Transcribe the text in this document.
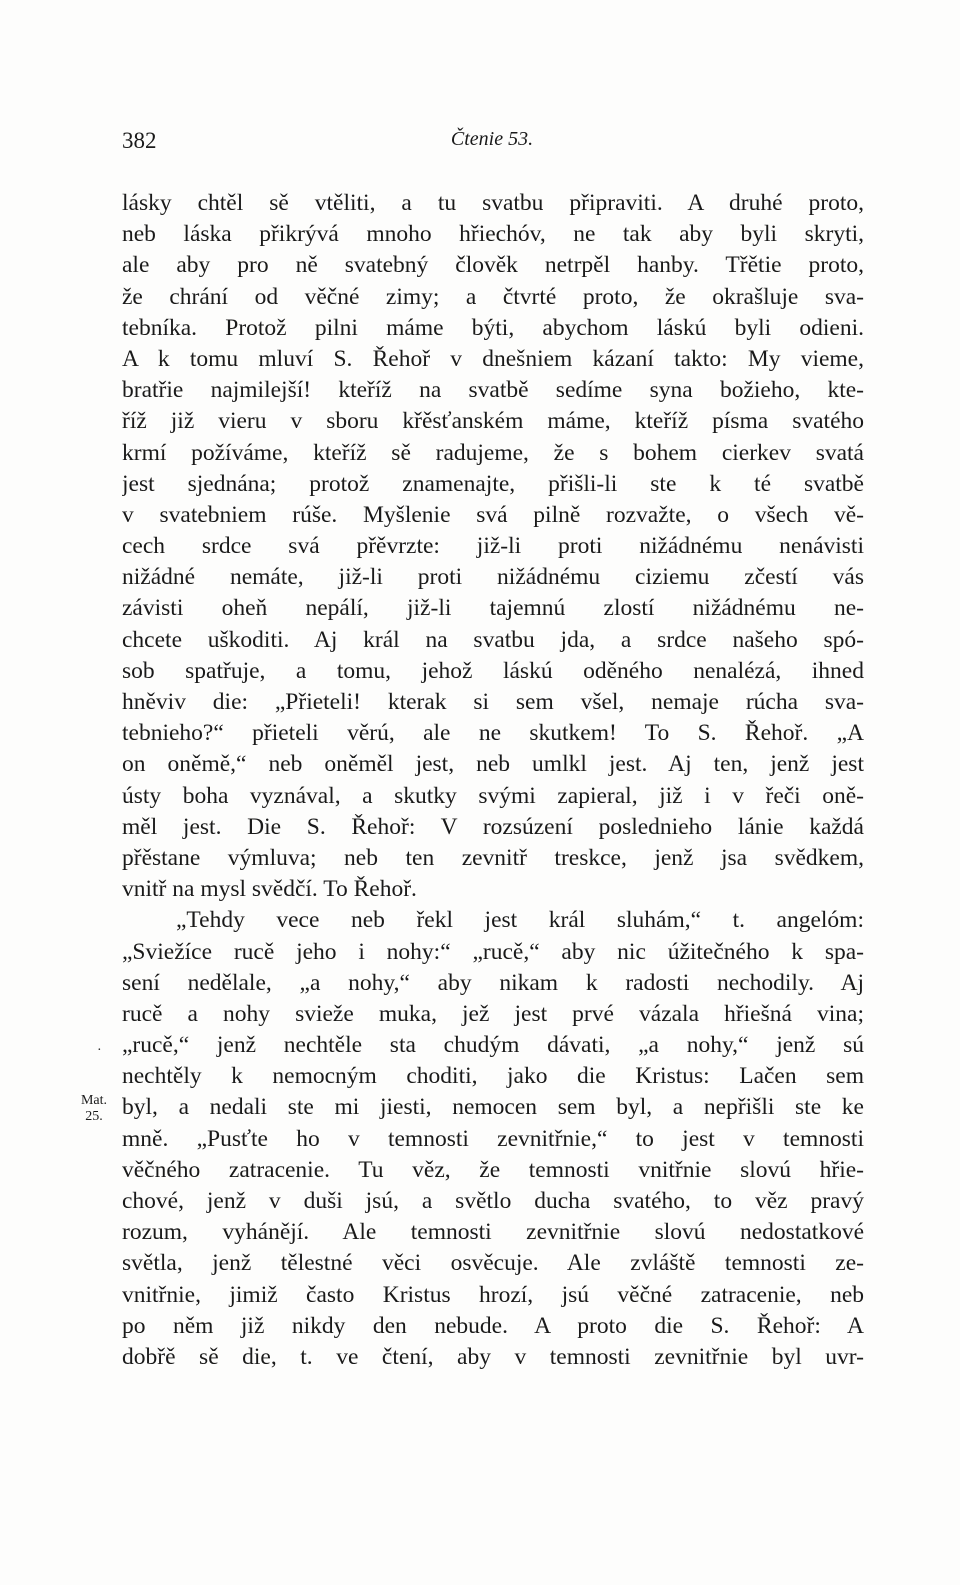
382	Čtenie 53.
·
Mat.
25.
lásky chtěl sě vtěliti, a tu svatbu připraviti. A druhé proto,
neb láska přikrývá mnoho hřiechóv, ne tak aby byli skryti,
ale aby pro ně svatebný člověk netrpěl hanby. Třětie proto,
že chrání od věčné zimy; a čtvrté proto, že okrašluje sva-
tebníka. Protož pilni máme býti, abychom láskú byli odieni.
A k tomu mluví S. Řehoř v dnešniem kázaní takto: My vieme,
bratřie najmilejší! kteříž na svatbě sedíme syna božieho, kte-
říž již vieru v sboru křěsťanském máme, kteříž písma svatého
krmí požíváme, kteříž sě radujeme, že s bohem cierkev svatá
jest sjednána; protož znamenajte, přišli-li ste k té svatbě
v svatebniem rúše. Myšlenie svá pilně rozvažte, o všech vě-
cech srdce svá přěvrzte: již-li proti nižádnému nenávisti
nižádné nemáte, již-li proti nižádnému ciziemu zčestí vás
závisti oheň nepálí, již-li tajemnú zlostí nižádnému ne-
chcete uškoditi. Aj král na svatbu jda, a srdce našeho spó-
sob spatřuje, a tomu, jehož láskú oděného nenalézá, ihned
hněviv die: „Přieteli! kterak si sem všel, nemaje rúcha sva-
tebnieho?“ přieteli věrú, ale ne skutkem! To S. Řehoř. „A
on oněmě,“ neb oněměl jest, neb umlkl jest. Aj ten, jenž jest
ústy boha vyznával, a skutky svými zapieral, již i v řeči oně-
měl jest. Die S. Řehoř: V rozsúzení poslednieho lánie každá
přěstane výmluva; neb ten zevnitř treskce, jenž jsa svědkem,
vnitř na mysl svědčí. To Řehoř.
„Tehdy vece neb řekl jest král sluhám,“ t. angelóm:
„Sviežíce rucě jeho i nohy:“ „rucě,“ aby nic úžitečného k spa-
sení nedělale, „a nohy,“ aby nikam k radosti nechodily. Aj
rucě a nohy svieže muka, jež jest prvé vázala hřiešná vina;
„rucě,“ jenž nechtěle sta chudým dávati, „a nohy,“ jenž sú
nechtěly k nemocným choditi, jako die Kristus: Lačen sem
byl, a nedali ste mi jiesti, nemocen sem byl, a nepřišli ste ke
mně. „Pusťte ho v temnosti zevnitřnie,“ to jest v temnosti
věčného zatracenie. Tu věz, že temnosti vnitřnie slovú hřie-
chové, jenž v duši jsú, a světlo ducha svatého, to věz pravý
rozum, vyhánějí. Ale temnosti zevnitřnie slovú nedostatkové
světla, jenž tělestné věci osvěcuje. Ale zvláště temnosti ze-
vnitřnie, jimiž často Kristus hrozí, jsú věčné zatracenie, neb
po něm již nikdy den nebude. A proto die S. Řehoř: A
dobřě sě die, t. ve čtení, aby v temnosti zevnitřnie byl uvr-
